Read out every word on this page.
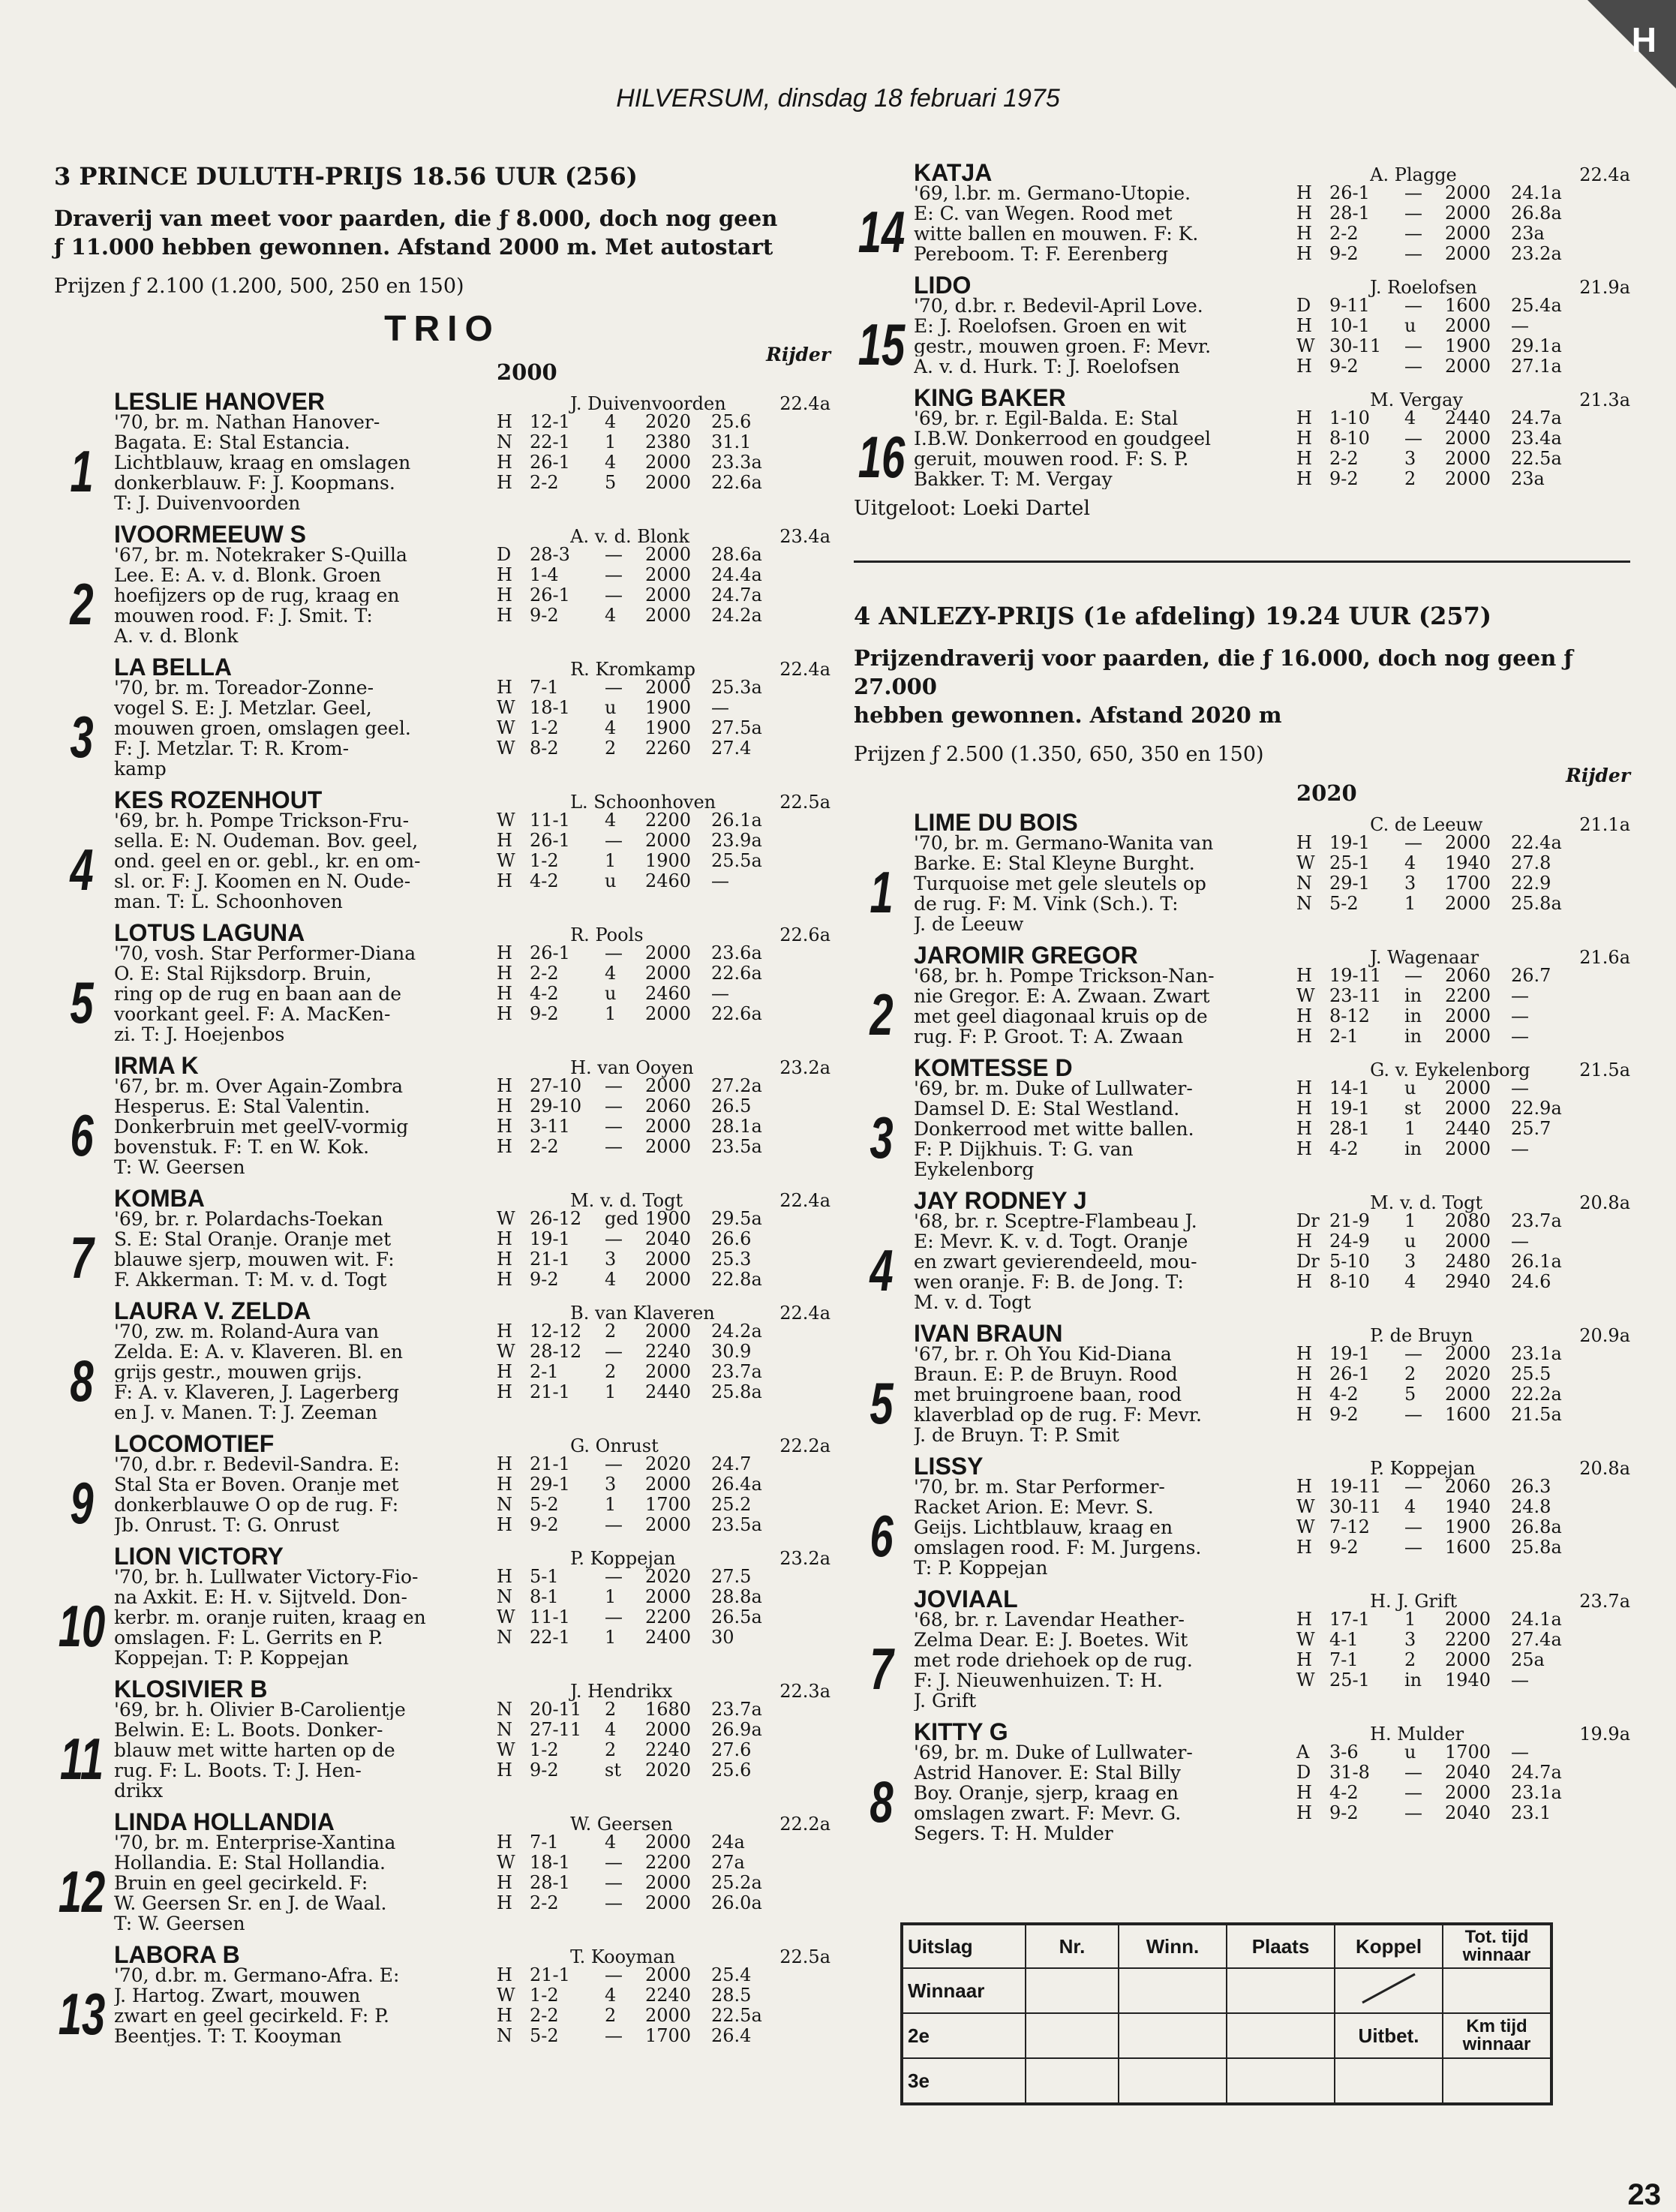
H
HILVERSUM, dinsdag 18 februari 1975
3 PRINCE DULUTH-PRIJS 18.56 UUR (256)
Draverij van meet voor paarden, die ƒ 8.000, doch nog geen
ƒ 11.000 hebben gewonnen. Afstand 2000 m. Met autostart
Prijzen ƒ 2.100 (1.200, 500, 250 en 150)
TRIO
Rijder
2000
1
LESLIE HANOVER	J. Duivenvoorden	22.4a
'70, br. m. Nathan Hanover-
Bagata. E: Stal Estancia.
Lichtblauw, kraag en omslagen
donkerblauw. F: J. Koopmans.
T: J. Duivenvoorden
H 12-1	4	2020	25.6
N 22-1	1	2380	31.1
H 26-1	4	2000	23.3a
H 2-2	5	2000	22.6a
2
IVOORMEEUW S	A. v. d. Blonk	23.4a
'67, br. m. Notekraker S-Quilla
Lee. E: A. v. d. Blonk. Groen
hoefijzers op de rug, kraag en
mouwen rood. F: J. Smit. T:
A. v. d. Blonk
D	28-3	—	2000	28.6a
H 1-4	—	2000	24.4a
H 26-1	—	2000	24.7a
H 9-2	4	2000	24.2a
3
LA BELLA	R. Kromkamp	22.4a
'70, br. m. Toreador-Zonne-
vogel S. E: J. Metzlar. Geel,
mouwen groen, omslagen geel.
F: J. Metzlar. T: R. Krom-
kamp
H 7-1	—	2000	25.3a
W 18-1	u	1900	—
W 1-2	4	1900	27.5a
W 8-2	2	2260	27.4
4
KES ROZENHOUT	L. Schoonhoven	22.5a
'69, br. h. Pompe Trickson-Fru-
sella. E: N. Oudeman. Bov. geel,
ond. geel en or. gebl., kr. en om-
sl. or. F: J. Koomen en N. Oude-
man. T: L. Schoonhoven
W 11-1	4	2200	26.1a
H 26-1	—	2000	23.9a
W 1-2	1	1900	25.5a
H 4-2	u	2460	—
5
LOTUS LAGUNA	R. Pools	22.6a
'70, vosh. Star Performer-Diana
O. E: Stal Rijksdorp. Bruin,
ring op de rug en baan aan de
voorkant geel. F: A. MacKen-
zi. T: J. Hoejenbos
H 26-1	—	2000	23.6a
H 2-2	4	2000	22.6a
H 4-2	u	2460	—
H 9-2	1	2000	22.6a
6
IRMA K	H. van Ooyen	23.2a
'67, br. m. Over Again-Zombra
Hesperus. E: Stal Valentin.
Donkerbruin met geelV-vormig
bovenstuk. F: T. en W. Kok.
T: W. Geersen
H 27-10	—	2000	27.2a
H 29-10	—	2060	26.5
H 3-11	—	2000	28.1a
H 2-2	—	2000	23.5a
7
KOMBA	M. v. d. Togt	22.4a
'69, br. r. Polardachs-Toekan
S. E: Stal Oranje. Oranje met
blauwe sjerp, mouwen wit. F:
F. Akkerman. T: M. v. d. Togt
W 26-12	ged 1900	29.5a
H 19-1	—	2040	26.6
H 21-1	3	2000	25.3
H 9-2	4	2000	22.8a
8
LAURA V. ZELDA	B. van Klaveren	22.4a
'70, zw. m. Roland-Aura van
Zelda. E: A. v. Klaveren. Bl. en
grijs gestr., mouwen grijs.
F: A. v. Klaveren, J. Lagerberg
en J. v. Manen. T: J. Zeeman
H 12-12	2	2000	24.2a
W 28-12	—	2240	30.9
H 2-1	2	2000	23.7a
H 21-1	1	2440	25.8a
9
LOCOMOTIEF	G. Onrust	22.2a
'70, d.br. r. Bedevil-Sandra. E:
Stal Sta er Boven. Oranje met
donkerblauwe O op de rug. F:
Jb. Onrust. T: G. Onrust
H 21-1	—	2020	24.7
H 29-1	3	2000	26.4a
N 5-2	1	1700	25.2
H 9-2	—	2000	23.5a
10
LION VICTORY	P. Koppejan	23.2a
'70, br. h. Lullwater Victory-Fio-
na Axkit. E: H. v. Sijtveld. Don-
kerbr. m. oranje ruiten, kraag en
omslagen. F: L. Gerrits en P.
Koppejan. T: P. Koppejan
H 5-1	—	2020	27.5
N 8-1	1	2000	28.8a
W 11-1	—	2200	26.5a
N 22-1	1	2400	30
11
KLOSIVIER B	J. Hendrikx	22.3a
'69, br. h. Olivier B-Carolientje
Belwin. E: L. Boots. Donker-
blauw met witte harten op de
rug. F: L. Boots. T: J. Hen-
drikx
N 20-11	2	1680	23.7a
N 27-11	4	2000	26.9a
W 1-2	2	2240	27.6
H 9-2	st	2020	25.6
12
LINDA HOLLANDIA	W. Geersen	22.2a
'70, br. m. Enterprise-Xantina
Hollandia. E: Stal Hollandia.
Bruin en geel gecirkeld. F:
W. Geersen Sr. en J. de Waal.
T: W. Geersen
H 7-1	4	2000	24a
W 18-1	—	2200	27a
H 28-1	—	2000	25.2a
H 2-2	—	2000	26.0a
13
LABORA B	T. Kooyman	22.5a
'70, d.br. m. Germano-Afra. E:
J. Hartog. Zwart, mouwen
zwart en geel gecirkeld. F: P.
Beentjes. T: T. Kooyman
H 21-1	—	2000	25.4
W 1-2	4	2240	28.5
H 2-2	2	2000	22.5a
N 5-2	—	1700	26.4
14
KATJA	A. Plagge	22.4a
'69, l.br. m. Germano-Utopie.
E: C. van Wegen. Rood met
witte ballen en mouwen. F: K.
Pereboom. T: F. Eerenberg
H 26-1	—	2000	24.1a
H 28-1	—	2000	26.8a
H 2-2	—	2000	23a
H 9-2	—	2000	23.2a
15
LIDO	J. Roelofsen	21.9a
'70, d.br. r. Bedevil-April Love.
E: J. Roelofsen. Groen en wit
gestr., mouwen groen. F: Mevr.
A. v. d. Hurk. T: J. Roelofsen
D	9-11	—	1600	25.4a
H 10-1	u	2000	—
W 30-11	—	1900	29.1a
H 9-2	—	2000	27.1a
16
KING BAKER	M. Vergay	21.3a
'69, br. r. Egil-Balda. E: Stal
I.B.W. Donkerrood en goudgeel
geruit, mouwen rood. F: S. P.
Bakker. T: M. Vergay
H 1-10	4	2440	24.7a
H 8-10	—	2000	23.4a
H 2-2	3	2000	22.5a
H 9-2	2	2000	23a
Uitgeloot: Loeki Dartel
4 ANLEZY-PRIJS (1e afdeling) 19.24 UUR (257)
Prijzendraverij voor paarden, die ƒ 16.000, doch nog geen ƒ 27.000
hebben gewonnen. Afstand 2020 m
Prijzen ƒ 2.500 (1.350, 650, 350 en 150)
Rijder
2020
1
LIME DU BOIS	C. de Leeuw	21.1a
'70, br. m. Germano-Wanita van
Barke. E: Stal Kleyne Burght.
Turquoise met gele sleutels op
de rug. F: M. Vink (Sch.). T:
J. de Leeuw
H 19-1	—	2000	22.4a
W 25-1	4	1940	27.8
N 29-1	3	1700	22.9
N 5-2	1	2000	25.8a
2
JAROMIR GREGOR	J. Wagenaar	21.6a
'68, br. h. Pompe Trickson-Nan-
nie Gregor. E: A. Zwaan. Zwart
met geel diagonaal kruis op de
rug. F: P. Groot. T: A. Zwaan
H 19-11	—	2060	26.7
W 23-11	in	2200	—
H 8-12	in	2000	—
H 2-1	in	2000	—
3
KOMTESSE D	G. v. Eykelenborg	21.5a
'69, br. m. Duke of Lullwater-
Damsel D. E: Stal Westland.
Donkerrood met witte ballen.
F: P. Dijkhuis. T: G. van
Eykelenborg
H 14-1	u	2000	—
H 19-1	st	2000	22.9a
H 28-1	1	2440	25.7
H 4-2	in	2000	—
4
JAY RODNEY J	M. v. d. Togt	20.8a
'68, br. r. Sceptre-Flambeau J.
E: Mevr. K. v. d. Togt. Oranje
en zwart gevierendeeld, mou-
wen oranje. F: B. de Jong. T:
M. v. d. Togt
Dr 21-9	1	2080	23.7a
H 24-9	u	2000	—
Dr 5-10	3	2480	26.1a
H 8-10	4	2940	24.6
5
IVAN BRAUN	P. de Bruyn	20.9a
'67, br. r. Oh You Kid-Diana
Braun. E: P. de Bruyn. Rood
met bruingroene baan, rood
klaverblad op de rug. F: Mevr.
J. de Bruyn. T: P. Smit
H 19-1	—	2000	23.1a
H 26-1	2	2020	25.5
H 4-2	5	2000	22.2a
H 9-2	—	1600	21.5a
6
LISSY	P. Koppejan	20.8a
'70, br. m. Star Performer-
Racket Arion. E: Mevr. S.
Geijs. Lichtblauw, kraag en
omslagen rood. F: M. Jurgens.
T: P. Koppejan
H 19-11	—	2060	26.3
W 30-11	4	1940	24.8
W 7-12	—	1900	26.8a
H 9-2	—	1600	25.8a
7
JOVIAAL	H. J. Grift	23.7a
'68, br. r. Lavendar Heather-
Zelma Dear. E: J. Boetes. Wit
met rode driehoek op de rug.
F: J. Nieuwenhuizen. T: H.
J. Grift
H 17-1	1	2000	24.1a
W 4-1	3	2200	27.4a
H 7-1	2	2000	25a
W 25-1	in	1940	—
8
KITTY G	H. Mulder	19.9a
'69, br. m. Duke of Lullwater-
Astrid Hanover. E: Stal Billy
Boy. Oranje, sjerp, kraag en
omslagen zwart. F: Mevr. G.
Segers. T: H. Mulder
A	3-6	u	1700	—
D	31-8	—	2040	24.7a
H 4-2	—	2000	23.1a
H 9-2	—	2040	23.1
Uitslag	Nr.	Winn.	Plaats	Koppel	Tot. tijd winnaar
Winnaar					
2e				Uitbet.	Km tijd winnaar
3e					
23
